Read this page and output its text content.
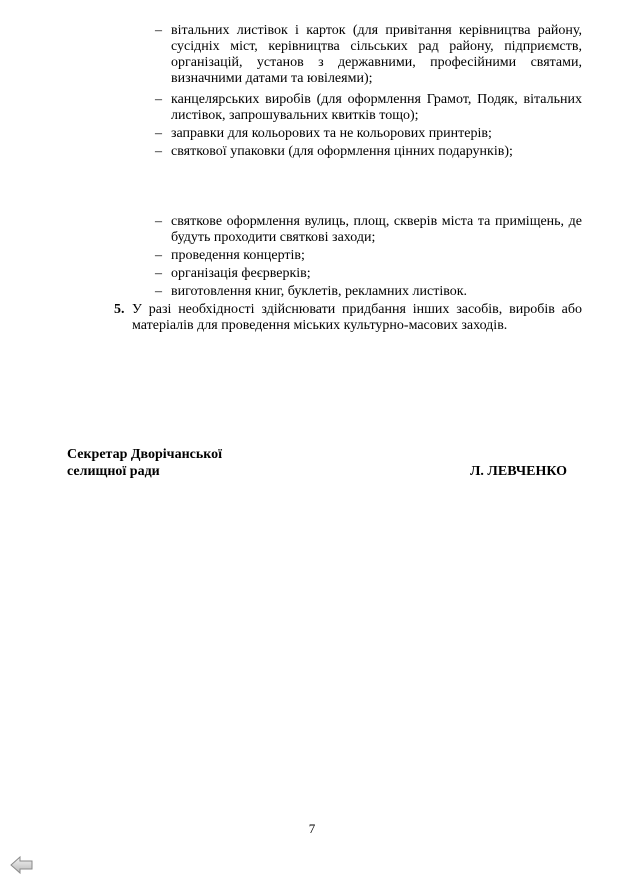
– вітальних листівок і карток (для привітання керівництва району, сусідніх міст, керівництва сільських рад району, підприємств, організацій, установ з державними, професійними святами, визначними датами та ювілеями);
– канцелярських виробів (для оформлення Грамот, Подяк, вітальних листівок, запрошувальних квитків тощо);
– заправки для кольорових та не кольорових принтерів;
– святкової упаковки (для оформлення цінних подарунків);
– святкове оформлення вулиць, площ, скверів міста та приміщень, де будуть проходити святкові заходи;
– проведення концертів;
– організація феєрверків;
– виготовлення книг, буклетів, рекламних листівок.
5. У разі необхідності здійснювати придбання інших засобів, виробів або матеріалів для проведення міських культурно-масових заходів.
Секретар Дворічанської
селищної ради	Л. ЛЕВЧЕНКО
7
